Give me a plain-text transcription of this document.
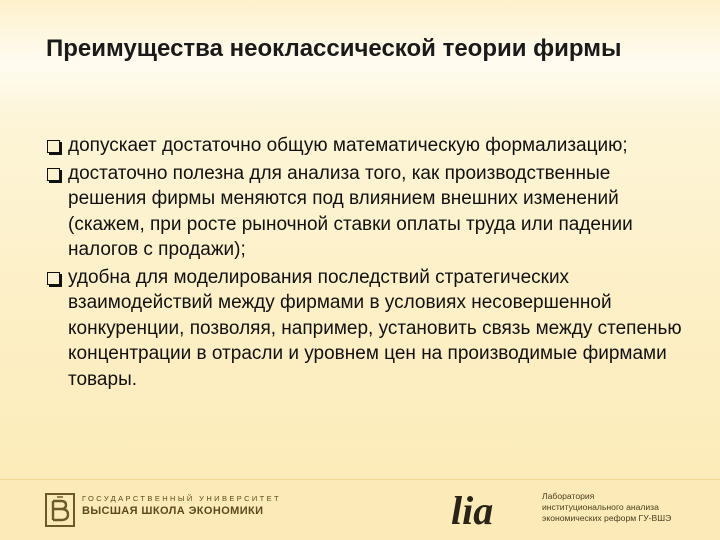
Преимущества неоклассической теории фирмы
допускает достаточно общую математическую формализацию;
достаточно полезна для анализа того, как производственные решения фирмы меняются под влиянием внешних изменений (скажем, при росте рыночной ставки оплаты труда или падении налогов с продажи);
удобна для моделирования последствий стратегических взаимодействий между фирмами в условиях несовершенной конкуренции, позволяя, например, установить связь между степенью концентрации в отрасли и уровнем цен на производимые фирмами товары.
ГОСУДАРСТВЕННЫЙ УНИВЕРСИТЕТ
ВЫСШАЯ ШКОЛА ЭКОНОМИКИ	lia	Лаборатория
институционального анализа
экономических реформ ГУ-ВШЭ
